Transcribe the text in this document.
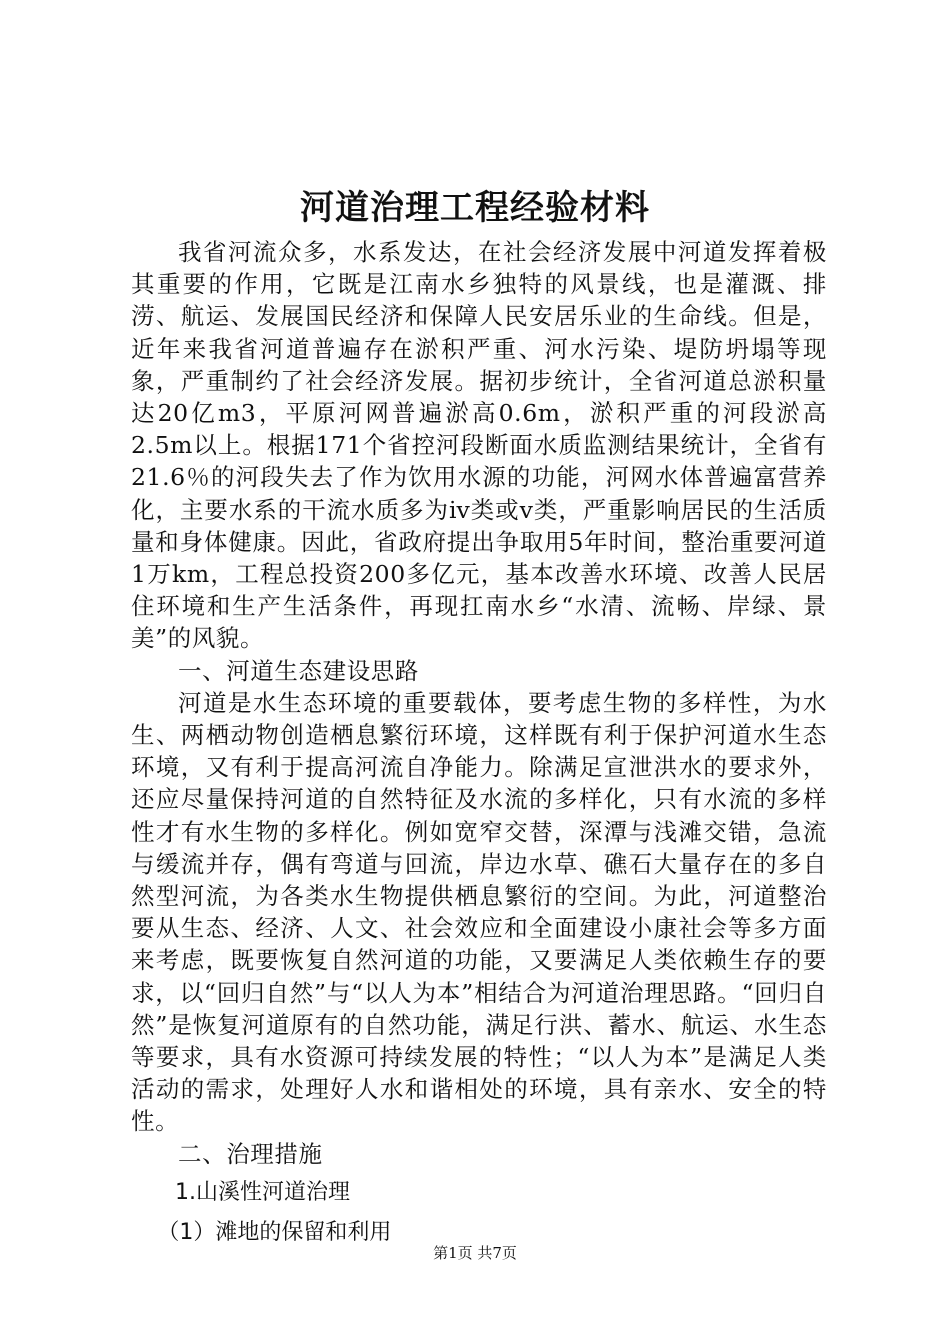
河道治理工程经验材料

我省河流众多，水系发达，在社会经济发展中河道发挥着极其重要的作用，它既是江南水乡独特的风景线，也是灌溉、排涝、航运、发展国民经济和保障人民安居乐业的生命线。但是，近年来我省河道普遍存在淤积严重、河水污染、堤防坍塌等现象，严重制约了社会经济发展。据初步统计，全省河道总淤积量达20亿m3，平原河网普遍淤高0.6m，淤积严重的河段淤高2.5m以上。根据171个省控河段断面水质监测结果统计，全省有21.6％的河段失去了作为饮用水源的功能，河网水体普遍富营养化，主要水系的干流水质多为ⅳ类或ⅴ类，严重影响居民的生活质量和身体健康。因此，省政府提出争取用5年时间，整治重要河道1万km，工程总投资200多亿元，基本改善水环境、改善人民居住环境和生产生活条件，再现扛南水乡“水清、流畅、岸绿、景美”的风貌。

一、河道生态建设思路

河道是水生态环境的重要载体，要考虑生物的多样性，为水生、两栖动物创造栖息繁衍环境，这样既有利于保护河道水生态环境，又有利于提高河流自净能力。除满足宣泄洪水的要求外，还应尽量保持河道的自然特征及水流的多样化，只有水流的多样性才有水生物的多样化。例如宽窄交替，深潭与浅滩交错，急流与缓流并存，偶有弯道与回流，岸边水草、礁石大量存在的多自然型河流，为各类水生物提供栖息繁衍的空间。为此，河道整治要从生态、经济、人文、社会效应和全面建设小康社会等多方面来考虑，既要恢复自然河道的功能，又要满足人类依赖生存的要求，以“回归自然”与“以人为本”相结合为河道治理思路。“回归自然”是恢复河道原有的自然功能，满足行洪、蓄水、航运、水生态等要求，具有水资源可持续发展的特性；“以人为本”是满足人类活动的需求，处理好人水和谐相处的环境，具有亲水、安全的特性。

二、治理措施

1.山溪性河道治理

（1）滩地的保留和利用

第1页 共7页
